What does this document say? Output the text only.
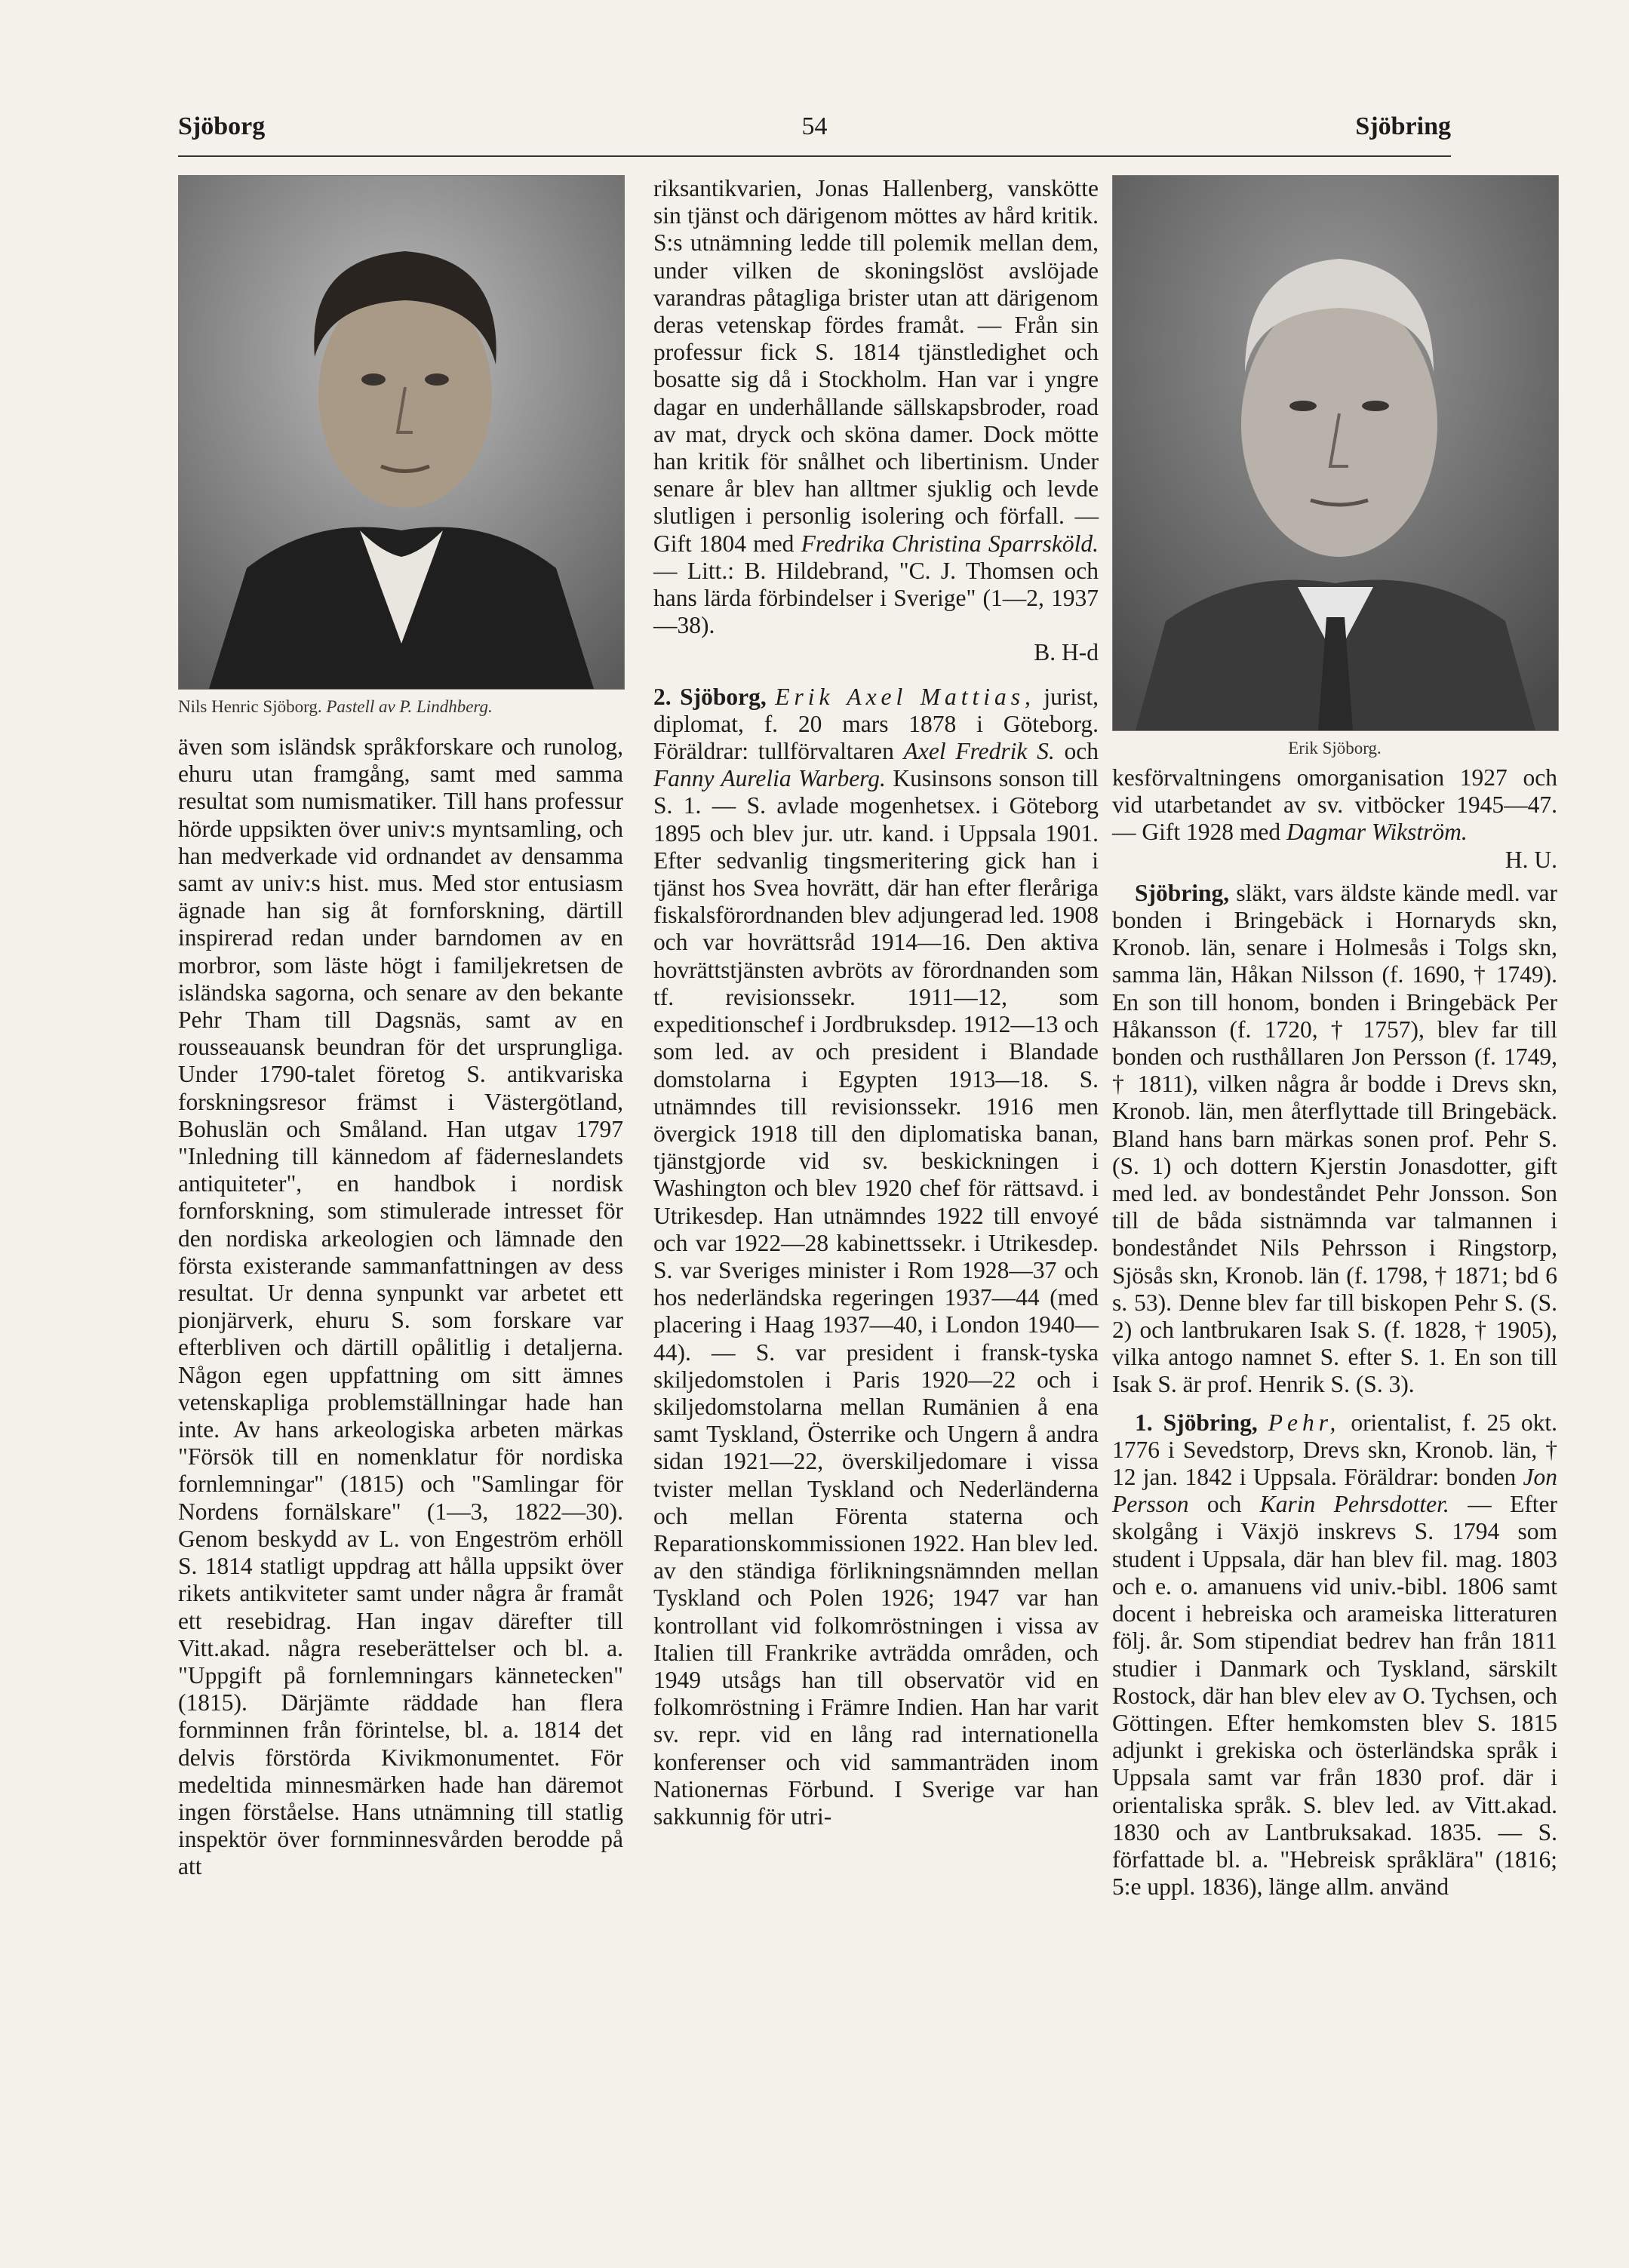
Sjöborg	54	Sjöbring
Nils Henric Sjöborg. Pastell av P. Lindhberg.
även som isländsk språkforskare och runolog, ehuru utan framgång, samt med samma resultat som numismatiker. Till hans professur hörde uppsikten över univ:s myntsamling, och han medverkade vid ordnandet av densamma samt av univ:s hist. mus. Med stor entusiasm ägnade han sig åt fornforskning, därtill inspirerad redan under barndomen av en morbror, som läste högt i familjekretsen de isländska sagorna, och senare av den bekante Pehr Tham till Dagsnäs, samt av en rousseauansk beundran för det ursprungliga. Under 1790-talet företog S. antikvariska forskningsresor främst i Västergötland, Bohuslän och Småland. Han utgav 1797 "Inledning till kännedom af fäderneslandets antiquiteter", en handbok i nordisk fornforskning, som stimulerade intresset för den nordiska arkeologien och lämnade den första existerande sammanfattningen av dess resultat. Ur denna synpunkt var arbetet ett pionjärverk, ehuru S. som forskare var efterbliven och därtill opålitlig i detaljerna. Någon egen uppfattning om sitt ämnes vetenskapliga problemställningar hade han inte. Av hans arkeologiska arbeten märkas "Försök till en nomenklatur för nordiska fornlemningar" (1815) och "Samlingar för Nordens fornälskare" (1—3, 1822—30). Genom beskydd av L. von Engeström erhöll S. 1814 statligt uppdrag att hålla uppsikt över rikets antikviteter samt under några år framåt ett resebidrag. Han ingav därefter till Vitt.akad. några reseberättelser och bl. a. "Uppgift på fornlemningars kännetecken" (1815). Därjämte räddade han flera fornminnen från förintelse, bl. a. 1814 det delvis förstörda Kivikmonumentet. För medeltida minnesmärken hade han däremot ingen förståelse. Hans utnämning till statlig inspektör över fornminnesvården berodde på att
riksantikvarien, Jonas Hallenberg, vanskötte sin tjänst och därigenom möttes av hård kritik. S:s utnämning ledde till polemik mellan dem, under vilken de skoningslöst avslöjade varandras påtagliga brister utan att därigenom deras vetenskap fördes framåt. — Från sin professur fick S. 1814 tjänstledighet och bosatte sig då i Stockholm. Han var i yngre dagar en underhållande sällskapsbroder, road av mat, dryck och sköna damer. Dock mötte han kritik för snålhet och libertinism. Under senare år blev han alltmer sjuklig och levde slutligen i personlig isolering och förfall. — Gift 1804 med Fredrika Christina Sparrsköld. — Litt.: B. Hildebrand, "C. J. Thomsen och hans lärda förbindelser i Sverige" (1—2, 1937—38).

B. H-d

2. Sjöborg, Erik Axel Mattias, jurist, diplomat, f. 20 mars 1878 i Göteborg. Föräldrar: tullförvaltaren Axel Fredrik S. och Fanny Aurelia Warberg. Kusinsons sonson till S. 1. — S. avlade mogenhetsex. i Göteborg 1895 och blev jur. utr. kand. i Uppsala 1901. Efter sedvanlig tingsmeritering gick han i tjänst hos Svea hovrätt, där han efter fleråriga fiskalsförordnanden blev adjungerad led. 1908 och var hovrättsråd 1914—16. Den aktiva hovrättstjänsten avbröts av förordnanden som tf. revisionssekr. 1911—12, som expeditionschef i Jordbruksdep. 1912—13 och som led. av och president i Blandade domstolarna i Egypten 1913—18. S. utnämndes till revisionssekr. 1916 men övergick 1918 till den diplomatiska banan, tjänstgjorde vid sv. beskickningen i Washington och blev 1920 chef för rättsavd. i Utrikesdep. Han utnämndes 1922 till envoyé och var 1922—28 kabinettssekr. i Utrikesdep. S. var Sveriges minister i Rom 1928—37 och hos nederländska regeringen 1937—44 (med placering i Haag 1937—40, i London 1940—44). — S. var president i fransk-tyska skiljedomstolen i Paris 1920—22 och i skiljedomstolarna mellan Rumänien å ena samt Tyskland, Österrike och Ungern å andra sidan 1921—22, överskiljedomare i vissa tvister mellan Tyskland och Nederländerna och mellan Förenta staterna och Reparationskommissionen 1922. Han blev led. av den ständiga förlikningsnämnden mellan Tyskland och Polen 1926; 1947 var han kontrollant vid folkomröstningen i vissa av Italien till Frankrike avträdda områden, och 1949 utsågs han till observatör vid en folkomröstning i Främre Indien. Han har varit sv. repr. vid en lång rad internationella konferenser och vid sammanträden inom Nationernas Förbund. I Sverige var han sakkunnig för utri-
Erik Sjöborg.
kesförvaltningens omorganisation 1927 och vid utarbetandet av sv. vitböcker 1945—47. — Gift 1928 med Dagmar Wikström.

H. U.

Sjöbring, släkt, vars äldste kände medl. var bonden i Bringebäck i Hornaryds skn, Kronob. län, senare i Holmesås i Tolgs skn, samma län, Håkan Nilsson (f. 1690, † 1749). En son till honom, bonden i Bringebäck Per Håkansson (f. 1720, † 1757), blev far till bonden och rusthållaren Jon Persson (f. 1749, † 1811), vilken några år bodde i Drevs skn, Kronob. län, men återflyttade till Bringebäck. Bland hans barn märkas sonen prof. Pehr S. (S. 1) och dottern Kjerstin Jonasdotter, gift med led. av bondeståndet Pehr Jonsson. Son till de båda sistnämnda var talmannen i bondeståndet Nils Pehrsson i Ringstorp, Sjösås skn, Kronob. län (f. 1798, † 1871; bd 6 s. 53). Denne blev far till biskopen Pehr S. (S. 2) och lantbrukaren Isak S. (f. 1828, † 1905), vilka antogo namnet S. efter S. 1. En son till Isak S. är prof. Henrik S. (S. 3).
1. Sjöbring, Pehr, orientalist, f. 25 okt. 1776 i Sevedstorp, Drevs skn, Kronob. län, † 12 jan. 1842 i Uppsala. Föräldrar: bonden Jon Persson och Karin Pehrsdotter. — Efter skolgång i Växjö inskrevs S. 1794 som student i Uppsala, där han blev fil. mag. 1803 och e. o. amanuens vid univ.-bibl. 1806 samt docent i hebreiska och arameiska litteraturen följ. år. Som stipendiat bedrev han från 1811 studier i Danmark och Tyskland, särskilt Rostock, där han blev elev av O. Tychsen, och Göttingen. Efter hemkomsten blev S. 1815 adjunkt i grekiska och österländska språk i Uppsala samt var från 1830 prof. där i orientaliska språk. S. blev led. av Vitt.akad. 1830 och av Lantbruksakad. 1835. — S. författade bl. a. "Hebreisk språklära" (1816; 5:e uppl. 1836), länge allm. använd
